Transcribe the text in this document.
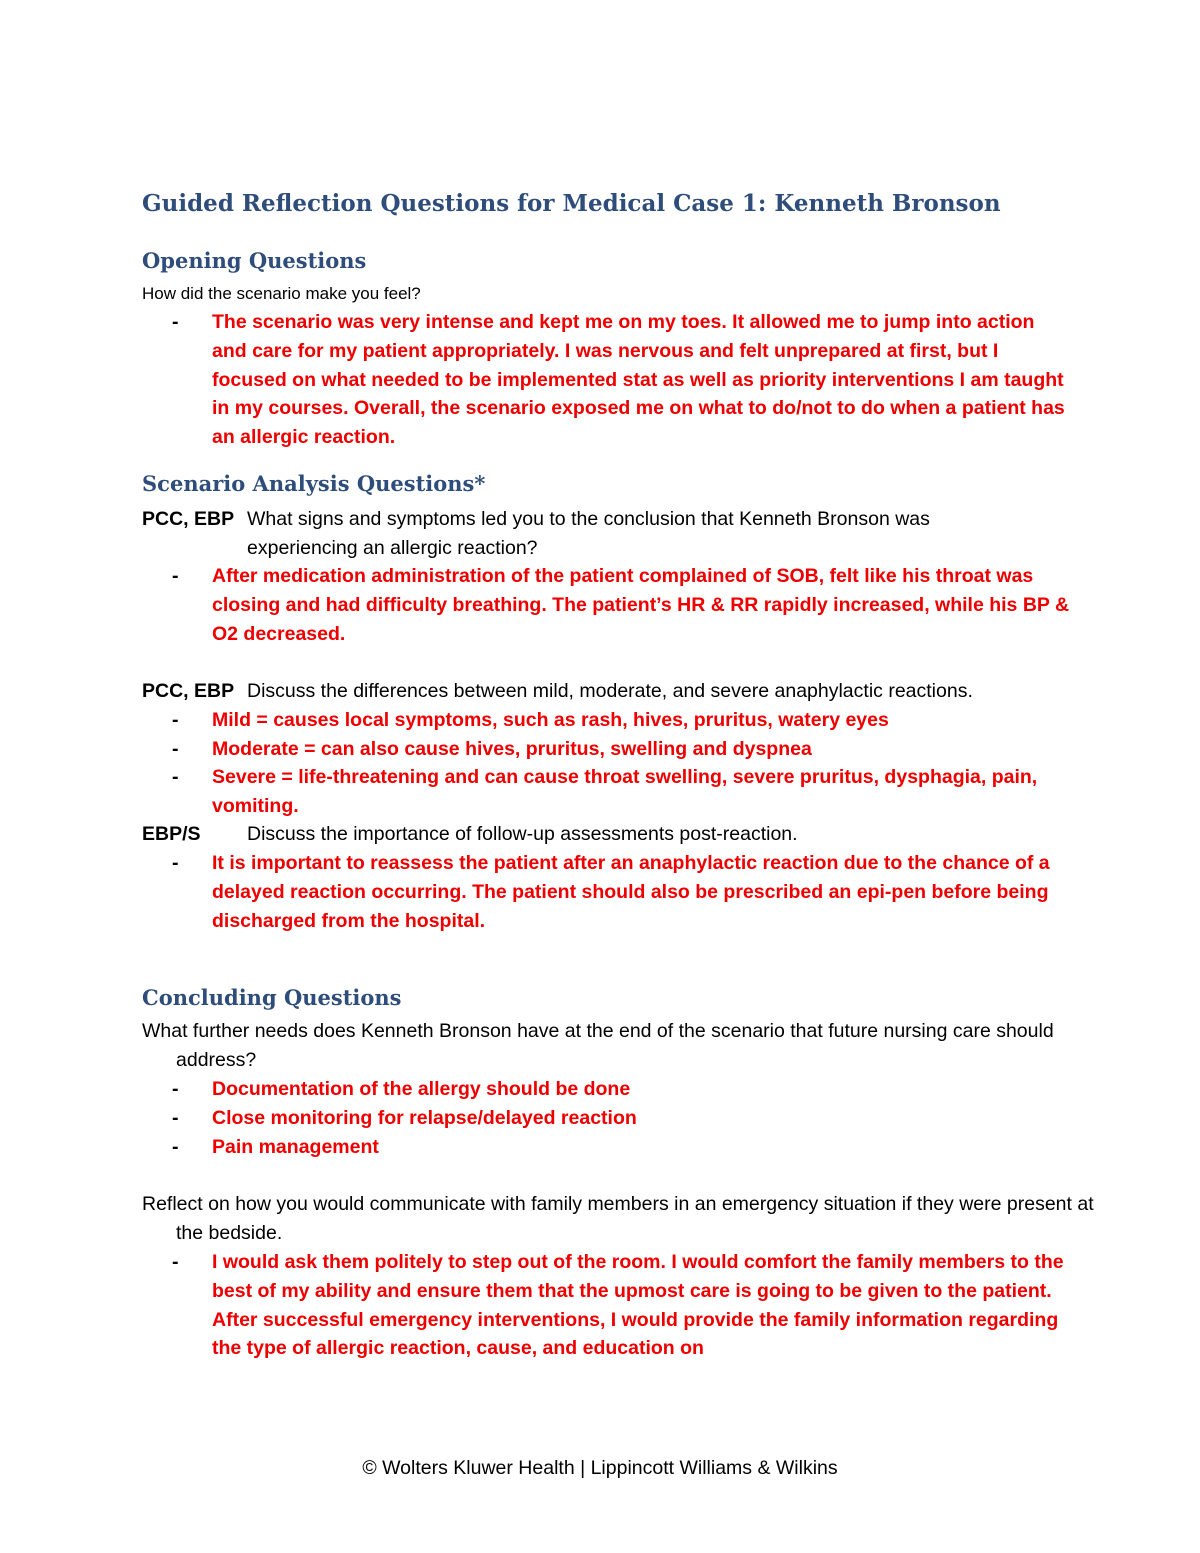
Guided Reflection Questions for Medical Case 1: Kenneth Bronson
Opening Questions
How did the scenario make you feel?
- The scenario was very intense and kept me on my toes. It allowed me to jump into action and care for my patient appropriately. I was nervous and felt unprepared at first, but I focused on what needed to be implemented stat as well as priority interventions I am taught in my courses. Overall, the scenario exposed me on what to do/not to do when a patient has an allergic reaction.
Scenario Analysis Questions*
PCC, EBP What signs and symptoms led you to the conclusion that Kenneth Bronson was experiencing an allergic reaction?
- After medication administration of the patient complained of SOB, felt like his throat was closing and had difficulty breathing. The patient’s HR & RR rapidly increased, while his BP & O2 decreased.
PCC, EBP Discuss the differences between mild, moderate, and severe anaphylactic reactions.
- Mild = causes local symptoms, such as rash, hives, pruritus, watery eyes
- Moderate = can also cause hives, pruritus, swelling and dyspnea
- Severe = life-threatening and can cause throat swelling, severe pruritus, dysphagia, pain, vomiting.
EBP/S Discuss the importance of follow-up assessments post-reaction.
- It is important to reassess the patient after an anaphylactic reaction due to the chance of a delayed reaction occurring. The patient should also be prescribed an epi-pen before being discharged from the hospital.
Concluding Questions
What further needs does Kenneth Bronson have at the end of the scenario that future nursing care should address?
- Documentation of the allergy should be done
- Close monitoring for relapse/delayed reaction
- Pain management
Reflect on how you would communicate with family members in an emergency situation if they were present at the bedside.
- I would ask them politely to step out of the room. I would comfort the family members to the best of my ability and ensure them that the upmost care is going to be given to the patient. After successful emergency interventions, I would provide the family information regarding the type of allergic reaction, cause, and education on
© Wolters Kluwer Health | Lippincott Williams & Wilkins
